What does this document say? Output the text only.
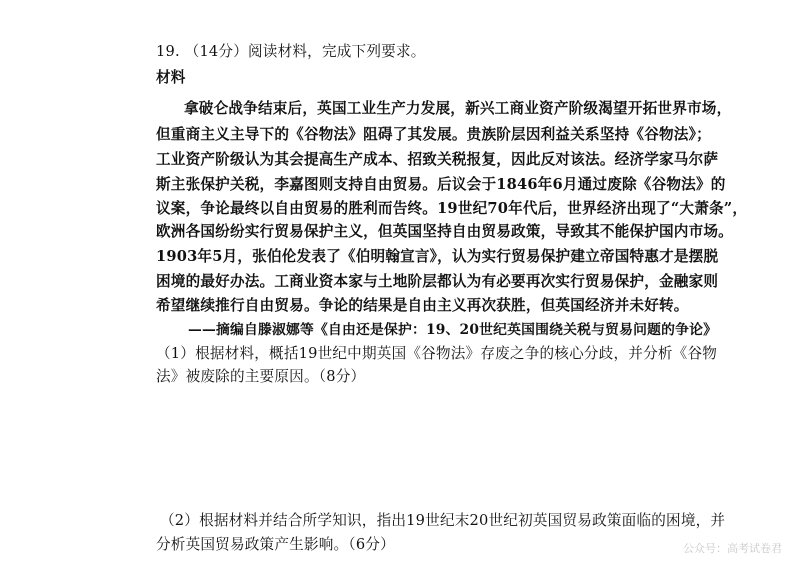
19. （14分）阅读材料，完成下列要求。
材料
拿破仑战争结束后，英国工业生产力发展，新兴工商业资产阶级渴望开拓世界市场，
但重商主义主导下的《谷物法》阻碍了其发展。贵族阶层因利益关系坚持《谷物法》；
工业资产阶级认为其会提高生产成本、招致关税报复，因此反对该法。经济学家马尔萨
斯主张保护关税，李嘉图则支持自由贸易。后议会于1846年6月通过废除《谷物法》的
议案，争论最终以自由贸易的胜利而告终。19世纪70年代后，世界经济出现了“大萧条”，
欧洲各国纷纷实行贸易保护主义，但英国坚持自由贸易政策，导致其不能保护国内市场。
1903年5月，张伯伦发表了《伯明翰宣言》，认为实行贸易保护建立帝国特惠才是摆脱
困境的最好办法。工商业资本家与土地阶层都认为有必要再次实行贸易保护，金融家则
希望继续推行自由贸易。争论的结果是自由主义再次获胜，但英国经济并未好转。
——摘编自滕淑娜等《自由还是保护：19、20世纪英国围绕关税与贸易问题的争论》
（1）根据材料，概括19世纪中期英国《谷物法》存废之争的核心分歧，并分析《谷物
法》被废除的主要原因。（8分）
（2）根据材料并结合所学知识，指出19世纪末20世纪初英国贸易政策面临的困境，并
分析英国贸易政策产生影响。（6分）	公众号：高考试卷君
